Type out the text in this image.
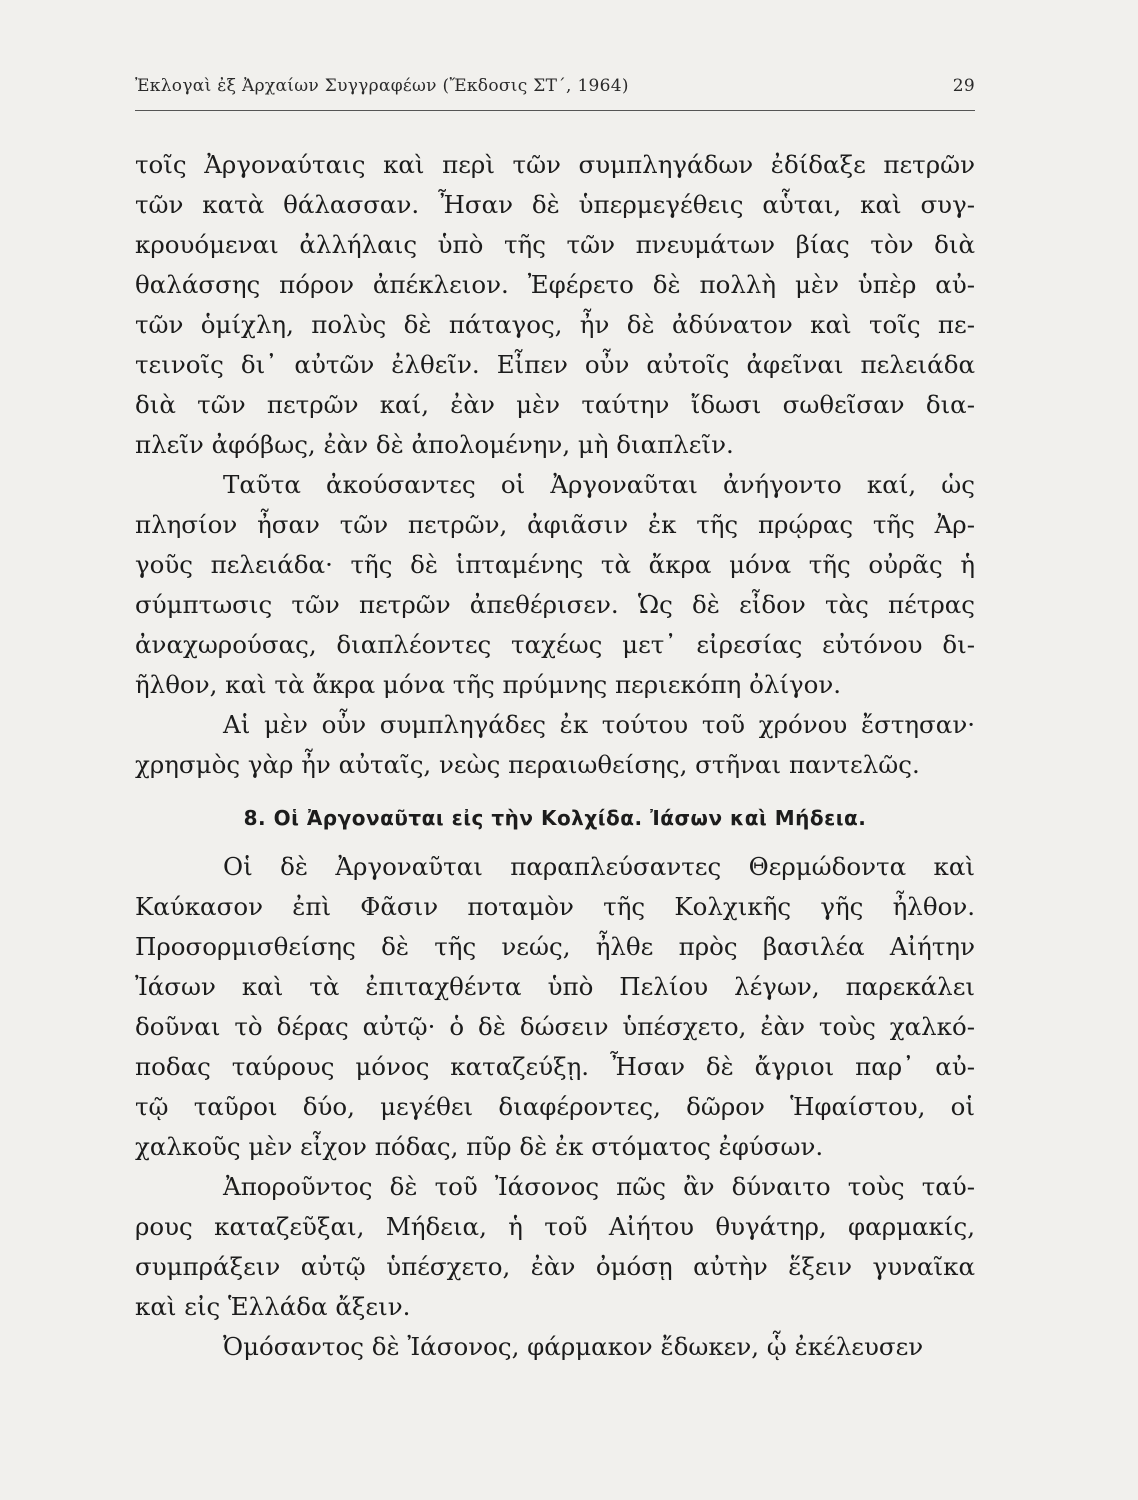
Ἐκλογαὶ ἐξ Ἀρχαίων Συγγραφέων (Ἔκδοσις ΣΤ΄, 1964)	29
τοῖς Ἀργοναύταις καὶ περὶ τῶν συμπληγάδων ἐδίδαξε πετρῶν
τῶν κατὰ θάλασσαν. Ἦσαν δὲ ὑπερμεγέθεις αὗται, καὶ συγ-
κρουόμεναι ἀλλήλαις ὑπὸ τῆς τῶν πνευμάτων βίας τὸν διὰ
θαλάσσης πόρον ἀπέκλειον. Ἐφέρετο δὲ πολλὴ μὲν ὑπὲρ αὐ-
τῶν ὁμίχλη, πολὺς δὲ πάταγος, ἦν δὲ ἀδύνατον καὶ τοῖς πε-
τεινοῖς δι᾽ αὐτῶν ἐλθεῖν. Εἶπεν οὖν αὐτοῖς ἀφεῖναι πελειάδα
διὰ τῶν πετρῶν καί, ἐὰν μὲν ταύτην ἴδωσι σωθεῖσαν δια-
πλεῖν ἀφόβως, ἐὰν δὲ ἀπολομένην, μὴ διαπλεῖν.
Ταῦτα ἀκούσαντες οἱ Ἀργοναῦται ἀνήγοντο καί, ὡς
πλησίον ἦσαν τῶν πετρῶν, ἀφιᾶσιν ἐκ τῆς πρῴρας τῆς Ἀρ-
γοῦς πελειάδα· τῆς δὲ ἱπταμένης τὰ ἄκρα μόνα τῆς οὐρᾶς ἡ
σύμπτωσις τῶν πετρῶν ἀπεθέρισεν. Ὡς δὲ εἶδον τὰς πέτρας
ἀναχωρούσας, διαπλέοντες ταχέως μετ᾽ εἰρεσίας εὐτόνου δι-
ῆλθον, καὶ τὰ ἄκρα μόνα τῆς πρύμνης περιεκόπη ὀλίγον.
Αἱ μὲν οὖν συμπληγάδες ἐκ τούτου τοῦ χρόνου ἔστησαν·
χρησμὸς γὰρ ἦν αὐταῖς, νεὼς περαιωθείσης, στῆναι παντελῶς.
8. Οἱ Ἀργοναῦται εἰς τὴν Κολχίδα. Ἰάσων καὶ Μήδεια.
Οἱ δὲ Ἀργοναῦται παραπλεύσαντες Θερμώδοντα καὶ
Καύκασον ἐπὶ Φᾶσιν ποταμὸν τῆς Κολχικῆς γῆς ἦλθον.
Προσορμισθείσης δὲ τῆς νεώς, ἦλθε πρὸς βασιλέα Αἰήτην
Ἰάσων καὶ τὰ ἐπιταχθέντα ὑπὸ Πελίου λέγων, παρεκάλει
δοῦναι τὸ δέρας αὐτῷ· ὁ δὲ δώσειν ὑπέσχετο, ἐὰν τοὺς χαλκό-
ποδας ταύρους μόνος καταζεύξῃ. Ἦσαν δὲ ἄγριοι παρ᾽ αὐ-
τῷ ταῦροι δύο, μεγέθει διαφέροντες, δῶρον Ἡφαίστου, οἱ
χαλκοῦς μὲν εἶχον πόδας, πῦρ δὲ ἐκ στόματος ἐφύσων.
Ἀποροῦντος δὲ τοῦ Ἰάσονος πῶς ἂν δύναιτο τοὺς ταύ-
ρους καταζεῦξαι, Μήδεια, ἡ τοῦ Αἰήτου θυγάτηρ, φαρμακίς,
συμπράξειν αὐτῷ ὑπέσχετο, ἐὰν ὀμόσῃ αὐτὴν ἕξειν γυναῖκα
καὶ εἰς Ἑλλάδα ἄξειν.
Ὀμόσαντος δὲ Ἰάσονος, φάρμακον ἔδωκεν, ᾧ ἐκέλευσεν
